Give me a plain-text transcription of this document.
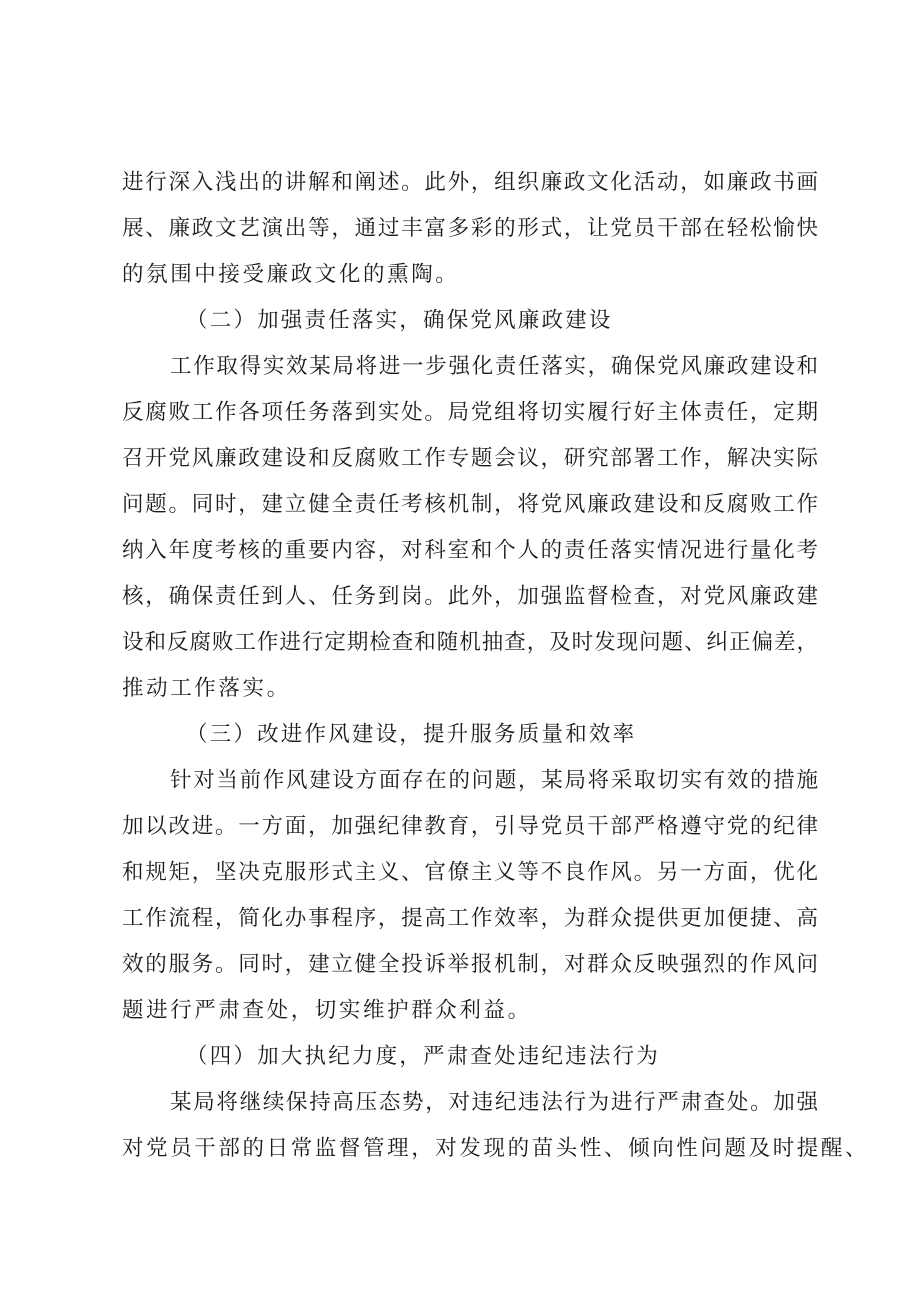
进行深入浅出的讲解和阐述。此外，组织廉政文化活动，如廉政书画
展、廉政文艺演出等，通过丰富多彩的形式，让党员干部在轻松愉快
的氛围中接受廉政文化的熏陶。
（二）加强责任落实，确保党风廉政建设
工作取得实效某局将进一步强化责任落实，确保党风廉政建设和
反腐败工作各项任务落到实处。局党组将切实履行好主体责任，定期
召开党风廉政建设和反腐败工作专题会议，研究部署工作，解决实际
问题。同时，建立健全责任考核机制，将党风廉政建设和反腐败工作
纳入年度考核的重要内容，对科室和个人的责任落实情况进行量化考
核，确保责任到人、任务到岗。此外，加强监督检查，对党风廉政建
设和反腐败工作进行定期检查和随机抽查，及时发现问题、纠正偏差，
推动工作落实。
（三）改进作风建设，提升服务质量和效率
针对当前作风建设方面存在的问题，某局将采取切实有效的措施
加以改进。一方面，加强纪律教育，引导党员干部严格遵守党的纪律
和规矩，坚决克服形式主义、官僚主义等不良作风。另一方面，优化
工作流程，简化办事程序，提高工作效率，为群众提供更加便捷、高
效的服务。同时，建立健全投诉举报机制，对群众反映强烈的作风问
题进行严肃查处，切实维护群众利益。
（四）加大执纪力度，严肃查处违纪违法行为
某局将继续保持高压态势，对违纪违法行为进行严肃查处。加强
对党员干部的日常监督管理，对发现的苗头性、倾向性问题及时提醒、
